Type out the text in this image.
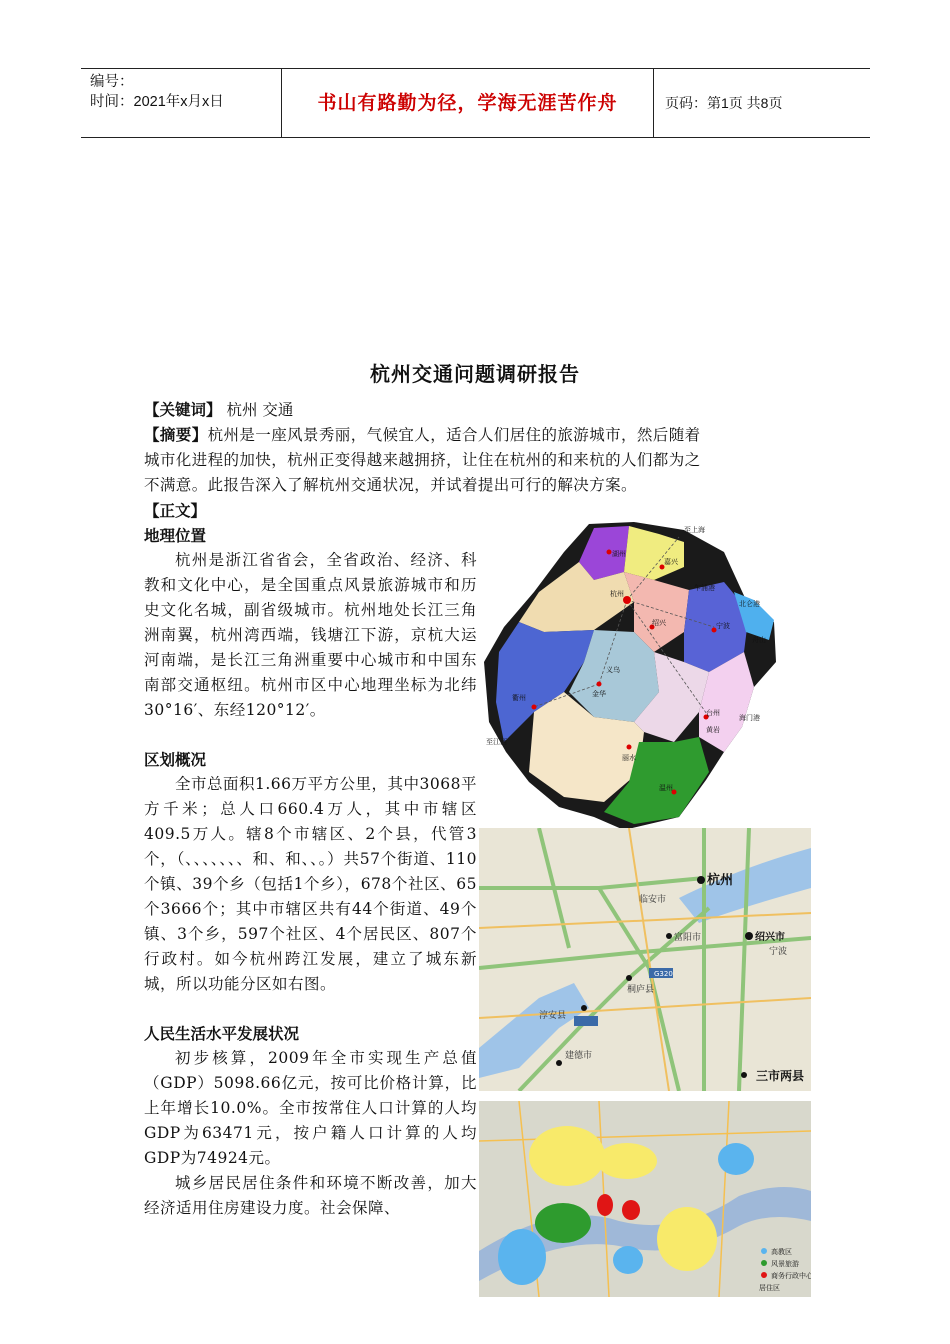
编号：
时间：2021年x月x日	书山有路勤为径，学海无涯苦作舟	页码：第1页 共8页
杭州交通问题调研报告
【关键词】 杭州 交通
【摘要】杭州是一座风景秀丽，气候宜人，适合人们居住的旅游城市，然后随着
城市化进程的加快，杭州正变得越来越拥挤，让住在杭州的和来杭的人们都为之
不满意。此报告深入了解杭州交通状况，并试着提出可行的解决方案。
【正文】
地理位置

杭州是浙江省省会，全省政治、经济、科教和文化中心，是全国重点风景旅游城市和历史文化名城，副省级城市。杭州地处长江三角洲南翼，杭州湾西端，钱塘江下游，京杭大运河南端，是长江三角洲重要中心城市和中国东南部交通枢纽。杭州市区中心地理坐标为北纬30°16′、东经120°12′。

区划概况

全市总面积1.66万平方公里，其中3068平方千米；总人口660.4万人，其中市辖区409.5万人。辖8个市辖区、2个县，代管3个，（、、、、、、、和、和、、。）共57个街道、110个镇、39个乡（包括1个乡），678个社区、65个3666个；其中市辖区共有44个街道、49个镇、3个乡，597个社区、4个居民区、807个行政村。如今杭州跨江发展，建立了城东新城，所以功能分区如右图。

人民生活水平发展状况

初步核算，2009年全市实现生产总值（GDP）5098.66亿元，按可比价格计算，比上年增长10.0%。全市按常住人口计算的人均GDP为63471元，按户籍人口计算的人均GDP为74924元。

城乡居民居住条件和环境不断改善，加大经济适用住房建设力度。社会保障、

湖州
嘉兴
至上海
乍浦港
杭州
绍兴	宁波
北仑港
舟山
义乌
金华
衢州
至江西
丽水
台州
海门港
黄岩
温州
G320
富阳市
桐庐县
淳安县
建德市
临安市
宁波
杭州
绍兴市
三市两县
高教区
风景旅游
商务行政中心
居住区
